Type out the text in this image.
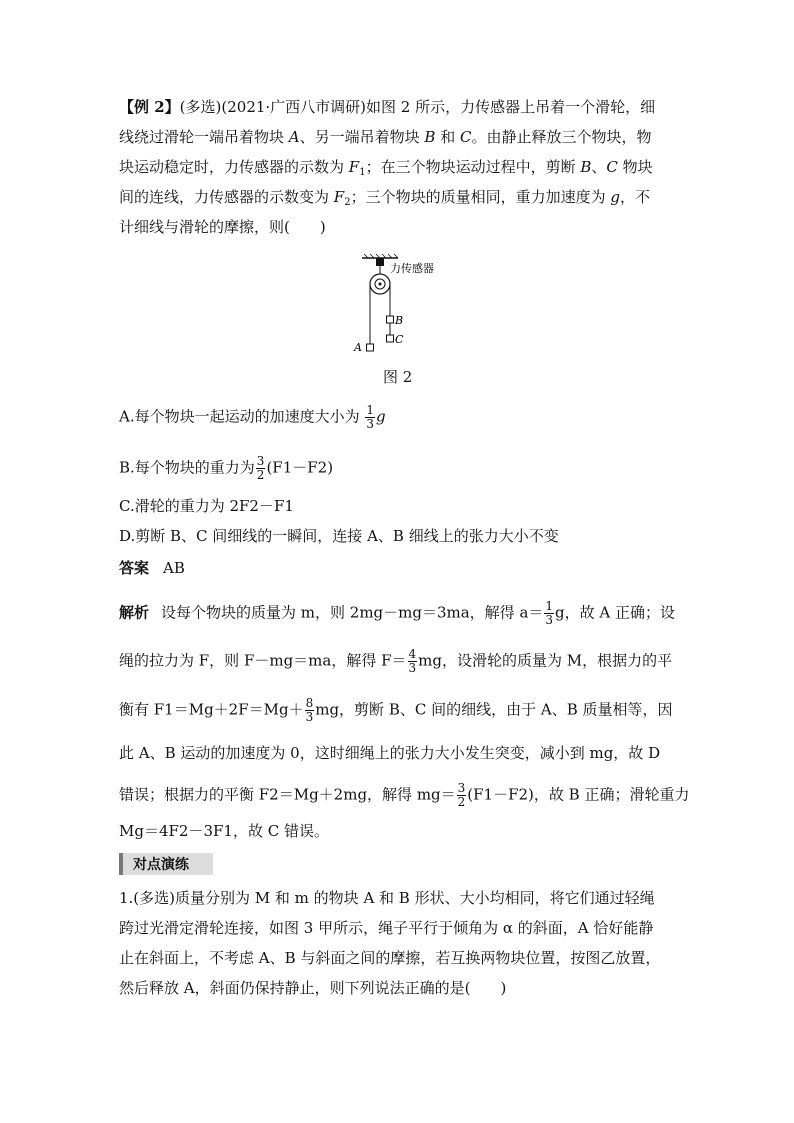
【例 2】(多选)(2021·广西八市调研)如图 2 所示，力传感器上吊着一个滑轮，细
线绕过滑轮一端吊着物块 A、另一端吊着物块 B 和 C。由静止释放三个物块，物
块运动稳定时，力传感器的示数为 $F_1$；在三个物块运动过程中，剪断 B、C 物块
间的连线，力传感器的示数变为 $F_2$；三个物块的质量相同，重力加速度为 g，不
计细线与滑轮的摩擦，则(　　)
力传感器
A
B
C
图 2
A.每个物块一起运动的加速度大小为 $\frac{1}{3}$ g
B.每个物块的重力为 $\frac{3}{2} (F1-F2)$
C.滑轮的重力为 2F2－F1
D.剪断 B、C 间细线的一瞬间，连接 A、B 细线上的张力大小不变
答案 AB
解析 设每个物块的质量为 m，则 2mg－mg＝3ma，解得 $a= \frac{1}{3}$ g，故 A 正确；设
绳的拉力为 F，则 F－mg＝ma，解得 $F= \frac{4}{3}$ mg，设滑轮的质量为 M，根据力的平
衡有 $F1=Mg+2F=Mg+ \frac{8}{3}$ mg，剪断 B、C 间的细线，由于 A、B 质量相等，因
此 A、B 运动的加速度为 0，这时细绳上的张力大小发生突变，减小到 mg，故 D
错误；根据力的平衡 F2＝Mg＋2mg，解得 $mg= \frac{3}{2} (F1-F2)$，故 B 正确；滑轮重力
Mg＝4F2－3F1，故 C 错误。
对点演练
1.(多选)质量分别为 M 和 m 的物块 A 和 B 形状、大小均相同，将它们通过轻绳
跨过光滑定滑轮连接，如图 3 甲所示，绳子平行于倾角为 α 的斜面，A 恰好能静
止在斜面上，不考虑 A、B 与斜面之间的摩擦，若互换两物块位置，按图乙放置，
然后释放 A，斜面仍保持静止，则下列说法正确的是(　　)
